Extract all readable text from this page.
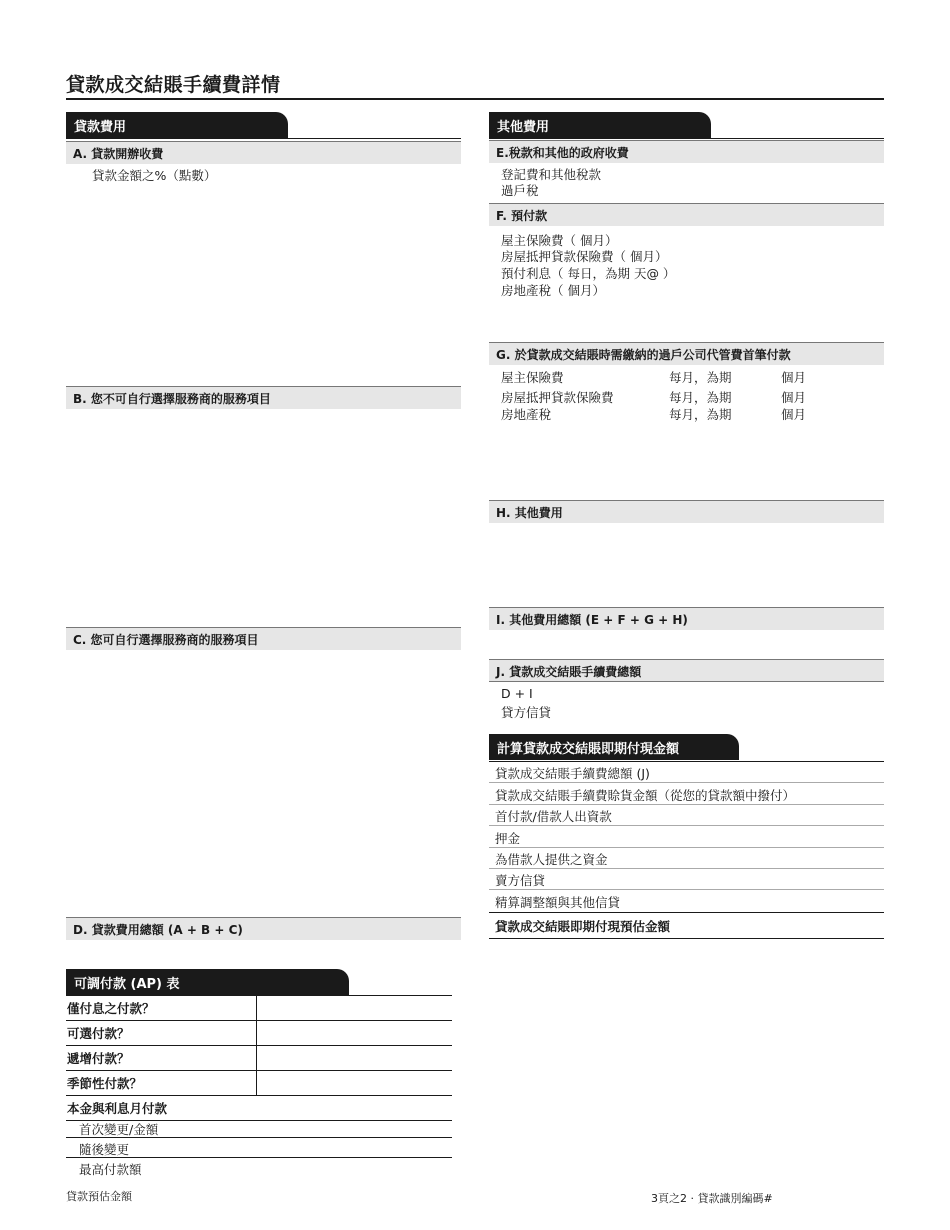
貸款成交結賬手續費詳情
貸款費用
A. 貸款開辦收費
貸款金額之%（點數）
B. 您不可自行選擇服務商的服務項目
C. 您可自行選擇服務商的服務項目
D. 貸款費用總額 (A + B + C)
可調付款 (AP) 表
僅付息之付款？
可選付款？
遞增付款？
季節性付款？
本金與利息月付款
首次變更/金額
隨後變更
最高付款額
其他費用
E.稅款和其他的政府收費
登記費和其他稅款
過戶稅
F. 預付款
屋主保險費（ 個月）
房屋抵押貸款保險費（ 個月）
預付利息（ 每日，為期 天@ ）
房地產稅（ 個月）
G. 於貸款成交結賬時需繳納的過戶公司代管費首筆付款
屋主保險費	每月，為期	個月
房屋抵押貸款保險費	每月，為期	個月
房地產稅	每月，為期	個月
H. 其他費用
I. 其他費用總額 (E + F + G + H)
J. 貸款成交結賬手續費總額
D + I
貸方信貸
計算貸款成交結賬即期付現金額
貸款成交結賬手續費總額 (J)
貸款成交結賬手續費賒貨金額（從您的貸款額中撥付）
首付款/借款人出資款
押金
為借款人提供之資金
賣方信貸
精算調整額與其他信貸
貸款成交結賬即期付現預估金額
貸款預估金額	3頁之2 · 貸款識別編碼#
